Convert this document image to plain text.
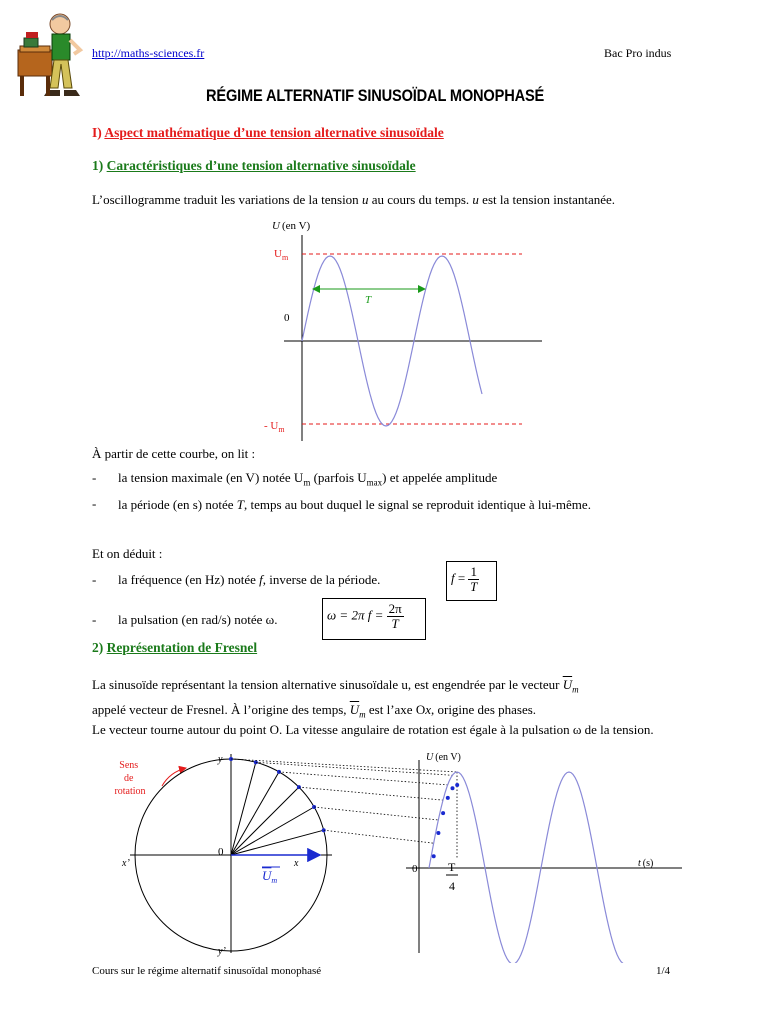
http://maths-sciences.fr	Bac Pro indus
RÉGIME ALTERNATIF SINUSOÏDAL MONOPHASÉ
I) Aspect mathématique d’une tension alternative sinusoïdale
1) Caractéristiques d’une tension alternative sinusoïdale
L’oscillogramme traduit les variations de la tension u au cours du temps. u est la tension instantanée.
U (en V)
$U_m$
- $U_m$
0
T
À partir de cette courbe, on lit :
- la tension maximale (en V) notée $U_m$ (parfois $U_{max}$) et appelée amplitude
- la période (en s) notée T, temps au bout duquel le signal se reproduit identique à lui-même.
Et on déduit :
- la fréquence (en Hz) notée f, inverse de la période.	$f = \frac{1}{T}$
- la pulsation (en rad/s) notée ω.	ω = 2π $f = \frac{2\pi}{T}$
2) Représentation de Fresnel
La sinusoïde représentant la tension alternative sinusoïdale u, est engendrée par le vecteur $\overline{U}_m$
appelé vecteur de Fresnel. À l’origine des temps, $\overline{U}_m$ est l’axe Ox, origine des phases.
Le vecteur tourne autour du point O. La vitesse angulaire de rotation est égale à la pulsation ω de la tension.
Sens de rotation
y
y’
x’	x
0
$U_m$
U (en V)
t (s)
0	T
4
Cours sur le régime alternatif sinusoïdal monophasé	1/4
